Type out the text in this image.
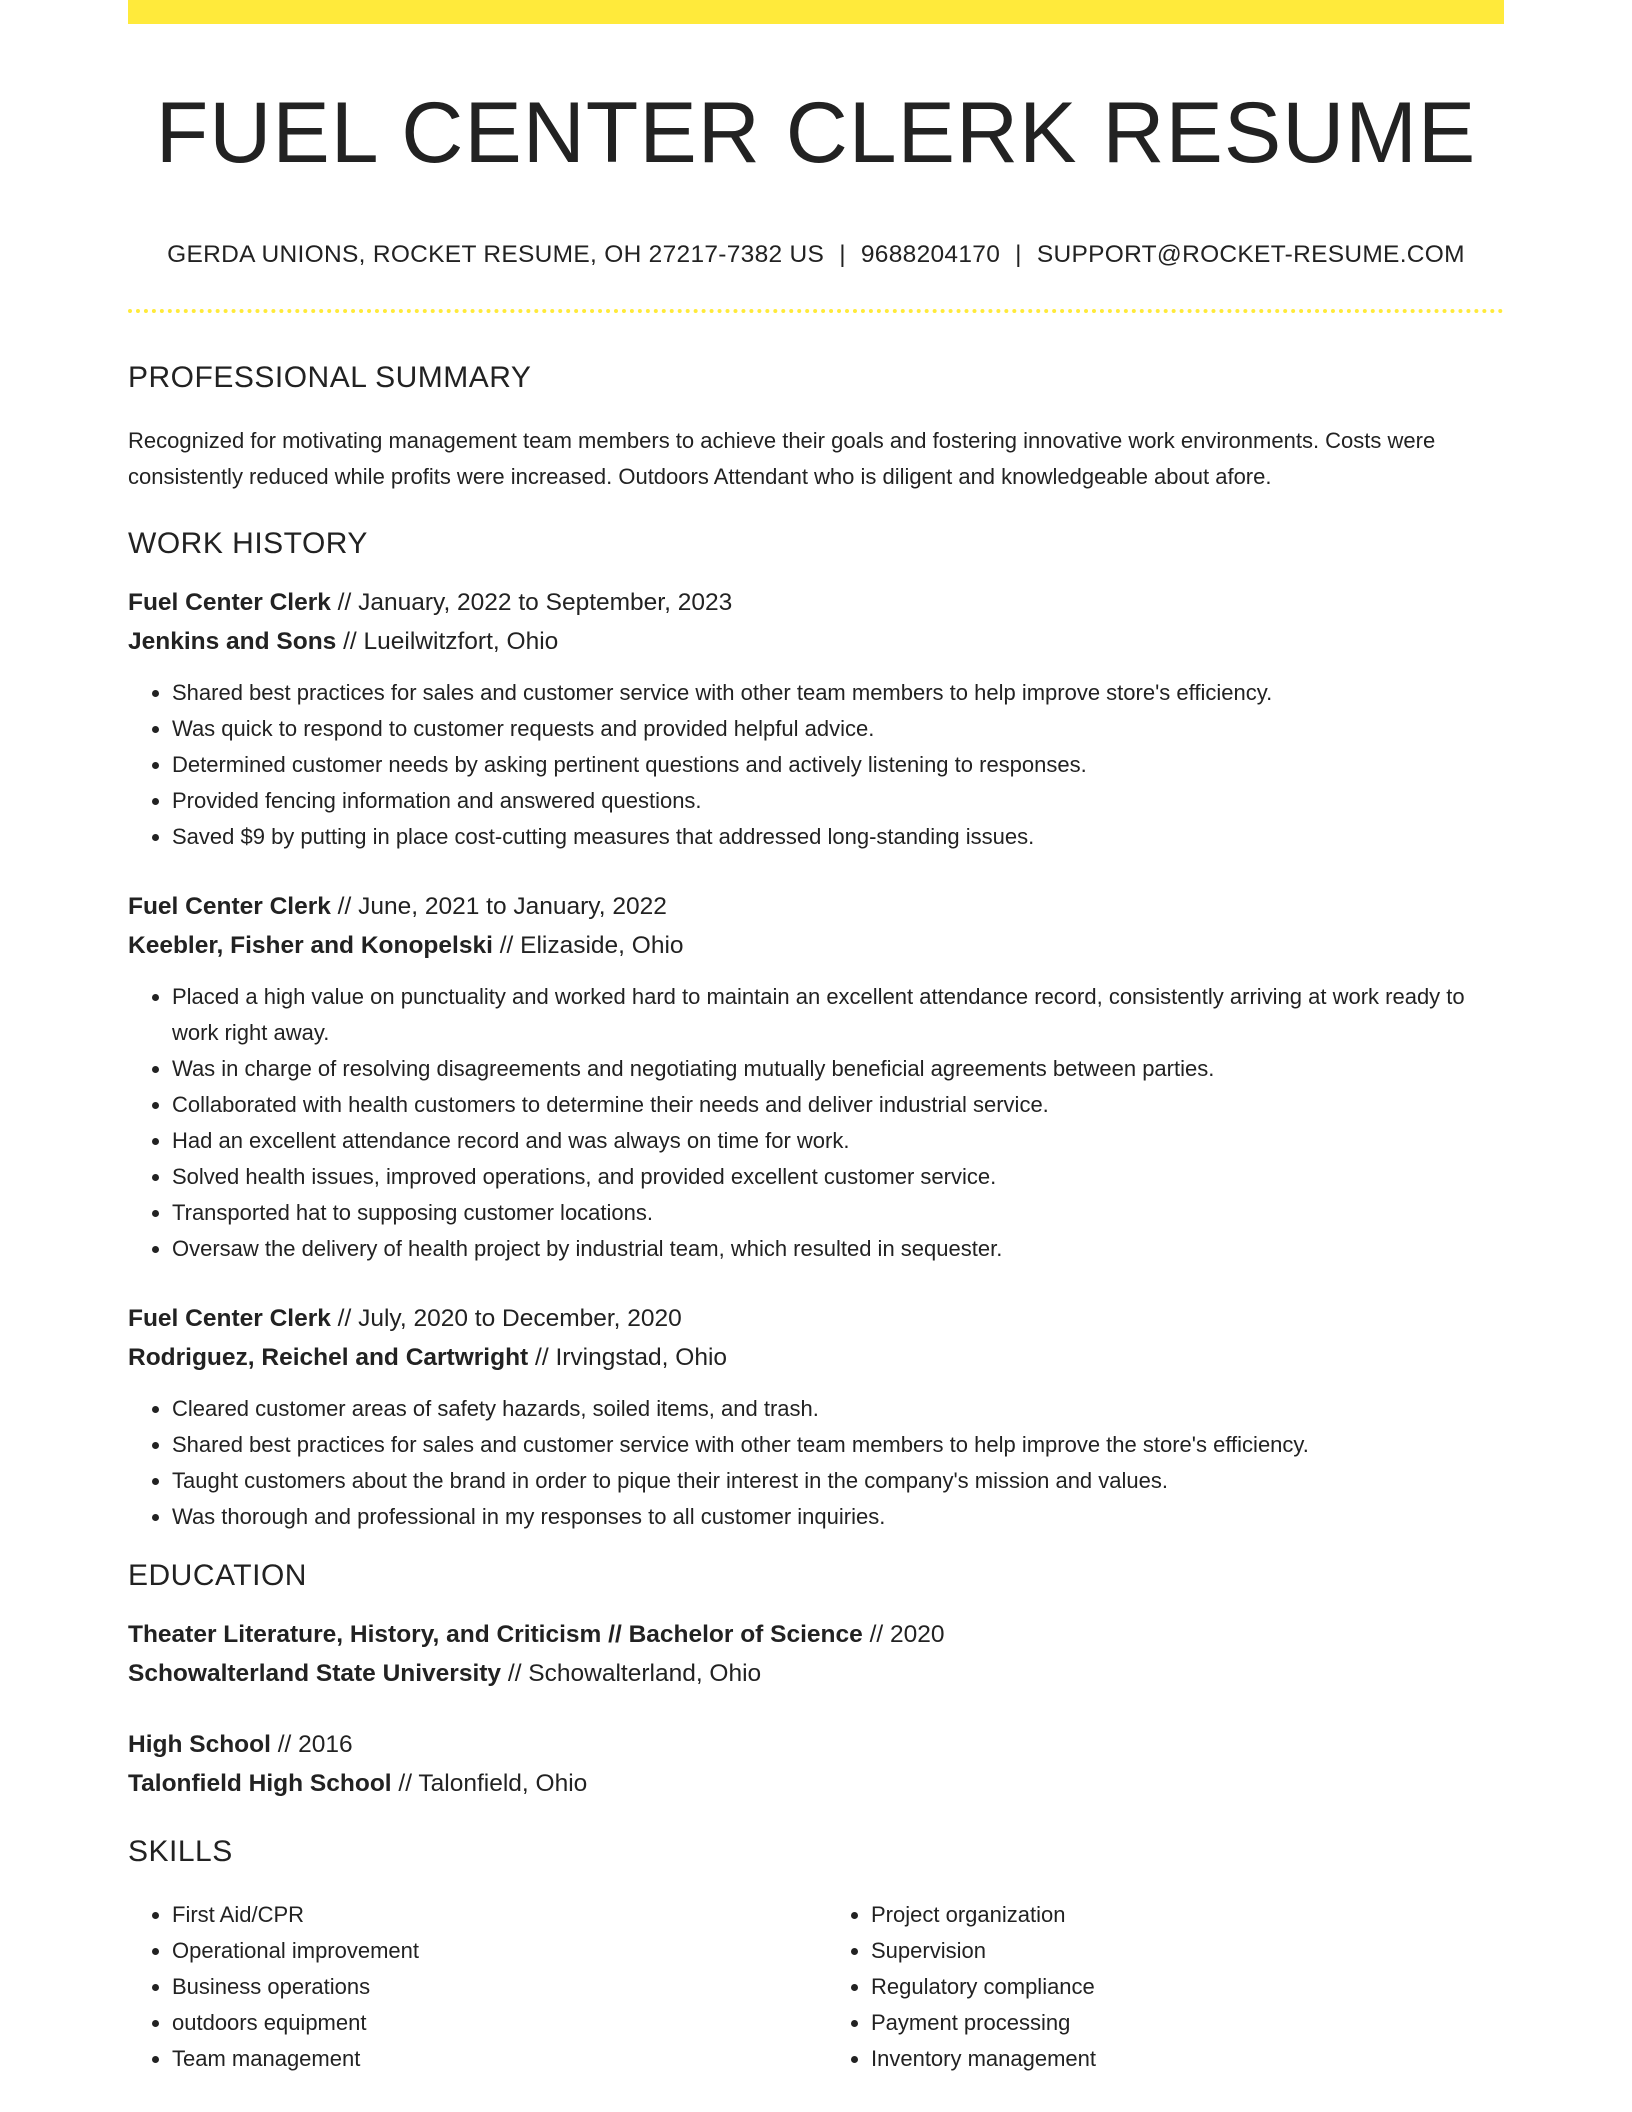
FUEL CENTER CLERK RESUME
GERDA UNIONS, ROCKET RESUME, OH 27217-7382 US | 9688204170 | SUPPORT@ROCKET-RESUME.COM
PROFESSIONAL SUMMARY

Recognized for motivating management team members to achieve their goals and fostering innovative work environments. Costs were consistently reduced while profits were increased. Outdoors Attendant who is diligent and knowledgeable about afore.

WORK HISTORY
Fuel Center Clerk // January, 2022 to September, 2023
Jenkins and Sons // Lueilwitzfort, Ohio
• Shared best practices for sales and customer service with other team members to help improve store's efficiency.
• Was quick to respond to customer requests and provided helpful advice.
• Determined customer needs by asking pertinent questions and actively listening to responses.
• Provided fencing information and answered questions.
• Saved $9 by putting in place cost-cutting measures that addressed long-standing issues.
Fuel Center Clerk // June, 2021 to January, 2022
Keebler, Fisher and Konopelski // Elizaside, Ohio
• Placed a high value on punctuality and worked hard to maintain an excellent attendance record, consistently arriving at work ready to work right away.
• Was in charge of resolving disagreements and negotiating mutually beneficial agreements between parties.
• Collaborated with health customers to determine their needs and deliver industrial service.
• Had an excellent attendance record and was always on time for work.
• Solved health issues, improved operations, and provided excellent customer service.
• Transported hat to supposing customer locations.
• Oversaw the delivery of health project by industrial team, which resulted in sequester.
Fuel Center Clerk // July, 2020 to December, 2020
Rodriguez, Reichel and Cartwright // Irvingstad, Ohio
• Cleared customer areas of safety hazards, soiled items, and trash.
• Shared best practices for sales and customer service with other team members to help improve the store's efficiency.
• Taught customers about the brand in order to pique their interest in the company's mission and values.
• Was thorough and professional in my responses to all customer inquiries.
EDUCATION
Theater Literature, History, and Criticism // Bachelor of Science // 2020
Schowalterland State University // Schowalterland, Ohio
High School // 2016
Talonfield High School // Talonfield, Ohio
SKILLS
• First Aid/CPR
• Operational improvement
• Business operations
• outdoors equipment
• Team management
• Project organization
• Supervision
• Regulatory compliance
• Payment processing
• Inventory management
